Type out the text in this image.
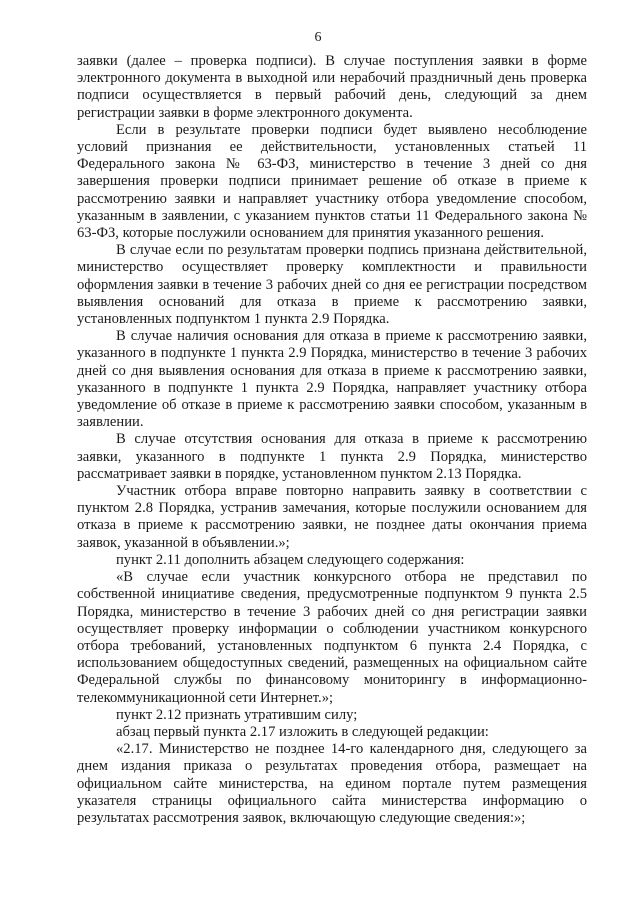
6

заявки (далее – проверка подписи). В случае поступления заявки в форме электронного документа в выходной или нерабочий праздничный день проверка подписи осуществляется в первый рабочий день, следующий за днем регистрации заявки в форме электронного документа.

Если в результате проверки подписи будет выявлено несоблюдение условий признания ее действительности, установленных статьей 11 Федерального закона № 63-ФЗ, министерство в течение 3 дней со дня завершения проверки подписи принимает решение об отказе в приеме к рассмотрению заявки и направляет участнику отбора уведомление способом, указанным в заявлении, с указанием пунктов статьи 11 Федерального закона № 63-ФЗ, которые послужили основанием для принятия указанного решения.

В случае если по результатам проверки подпись признана действительной, министерство осуществляет проверку комплектности и правильности оформления заявки в течение 3 рабочих дней со дня ее регистрации посредством выявления оснований для отказа в приеме к рассмотрению заявки, установленных подпунктом 1 пункта 2.9 Порядка.

В случае наличия основания для отказа в приеме к рассмотрению заявки, указанного в подпункте 1 пункта 2.9 Порядка, министерство в течение 3 рабочих дней со дня выявления основания для отказа в приеме к рассмотрению заявки, указанного в подпункте 1 пункта 2.9 Порядка, направляет участнику отбора уведомление об отказе в приеме к рассмотрению заявки способом, указанным в заявлении.

В случае отсутствия основания для отказа в приеме к рассмотрению заявки, указанного в подпункте 1 пункта 2.9 Порядка, министерство рассматривает заявки в порядке, установленном пунктом 2.13 Порядка.

Участник отбора вправе повторно направить заявку в соответствии с пунктом 2.8 Порядка, устранив замечания, которые послужили основанием для отказа в приеме к рассмотрению заявки, не позднее даты окончания приема заявок, указанной в объявлении.»;

пункт 2.11 дополнить абзацем следующего содержания:

«В случае если участник конкурсного отбора не представил по собственной инициативе сведения, предусмотренные подпунктом 9 пункта 2.5 Порядка, министерство в течение 3 рабочих дней со дня регистрации заявки осуществляет проверку информации о соблюдении участником конкурсного отбора требований, установленных подпунктом 6 пункта 2.4 Порядка, с использованием общедоступных сведений, размещенных на официальном сайте Федеральной службы по финансовому мониторингу в информационно-телекоммуникационной сети Интернет.»;

пункт 2.12 признать утратившим силу;

абзац первый пункта 2.17 изложить в следующей редакции:

«2.17. Министерство не позднее 14-го календарного дня, следующего за днем издания приказа о результатах проведения отбора, размещает на официальном сайте министерства, на едином портале путем размещения указателя страницы официального сайта министерства информацию о результатах рассмотрения заявок, включающую следующие сведения:»;
